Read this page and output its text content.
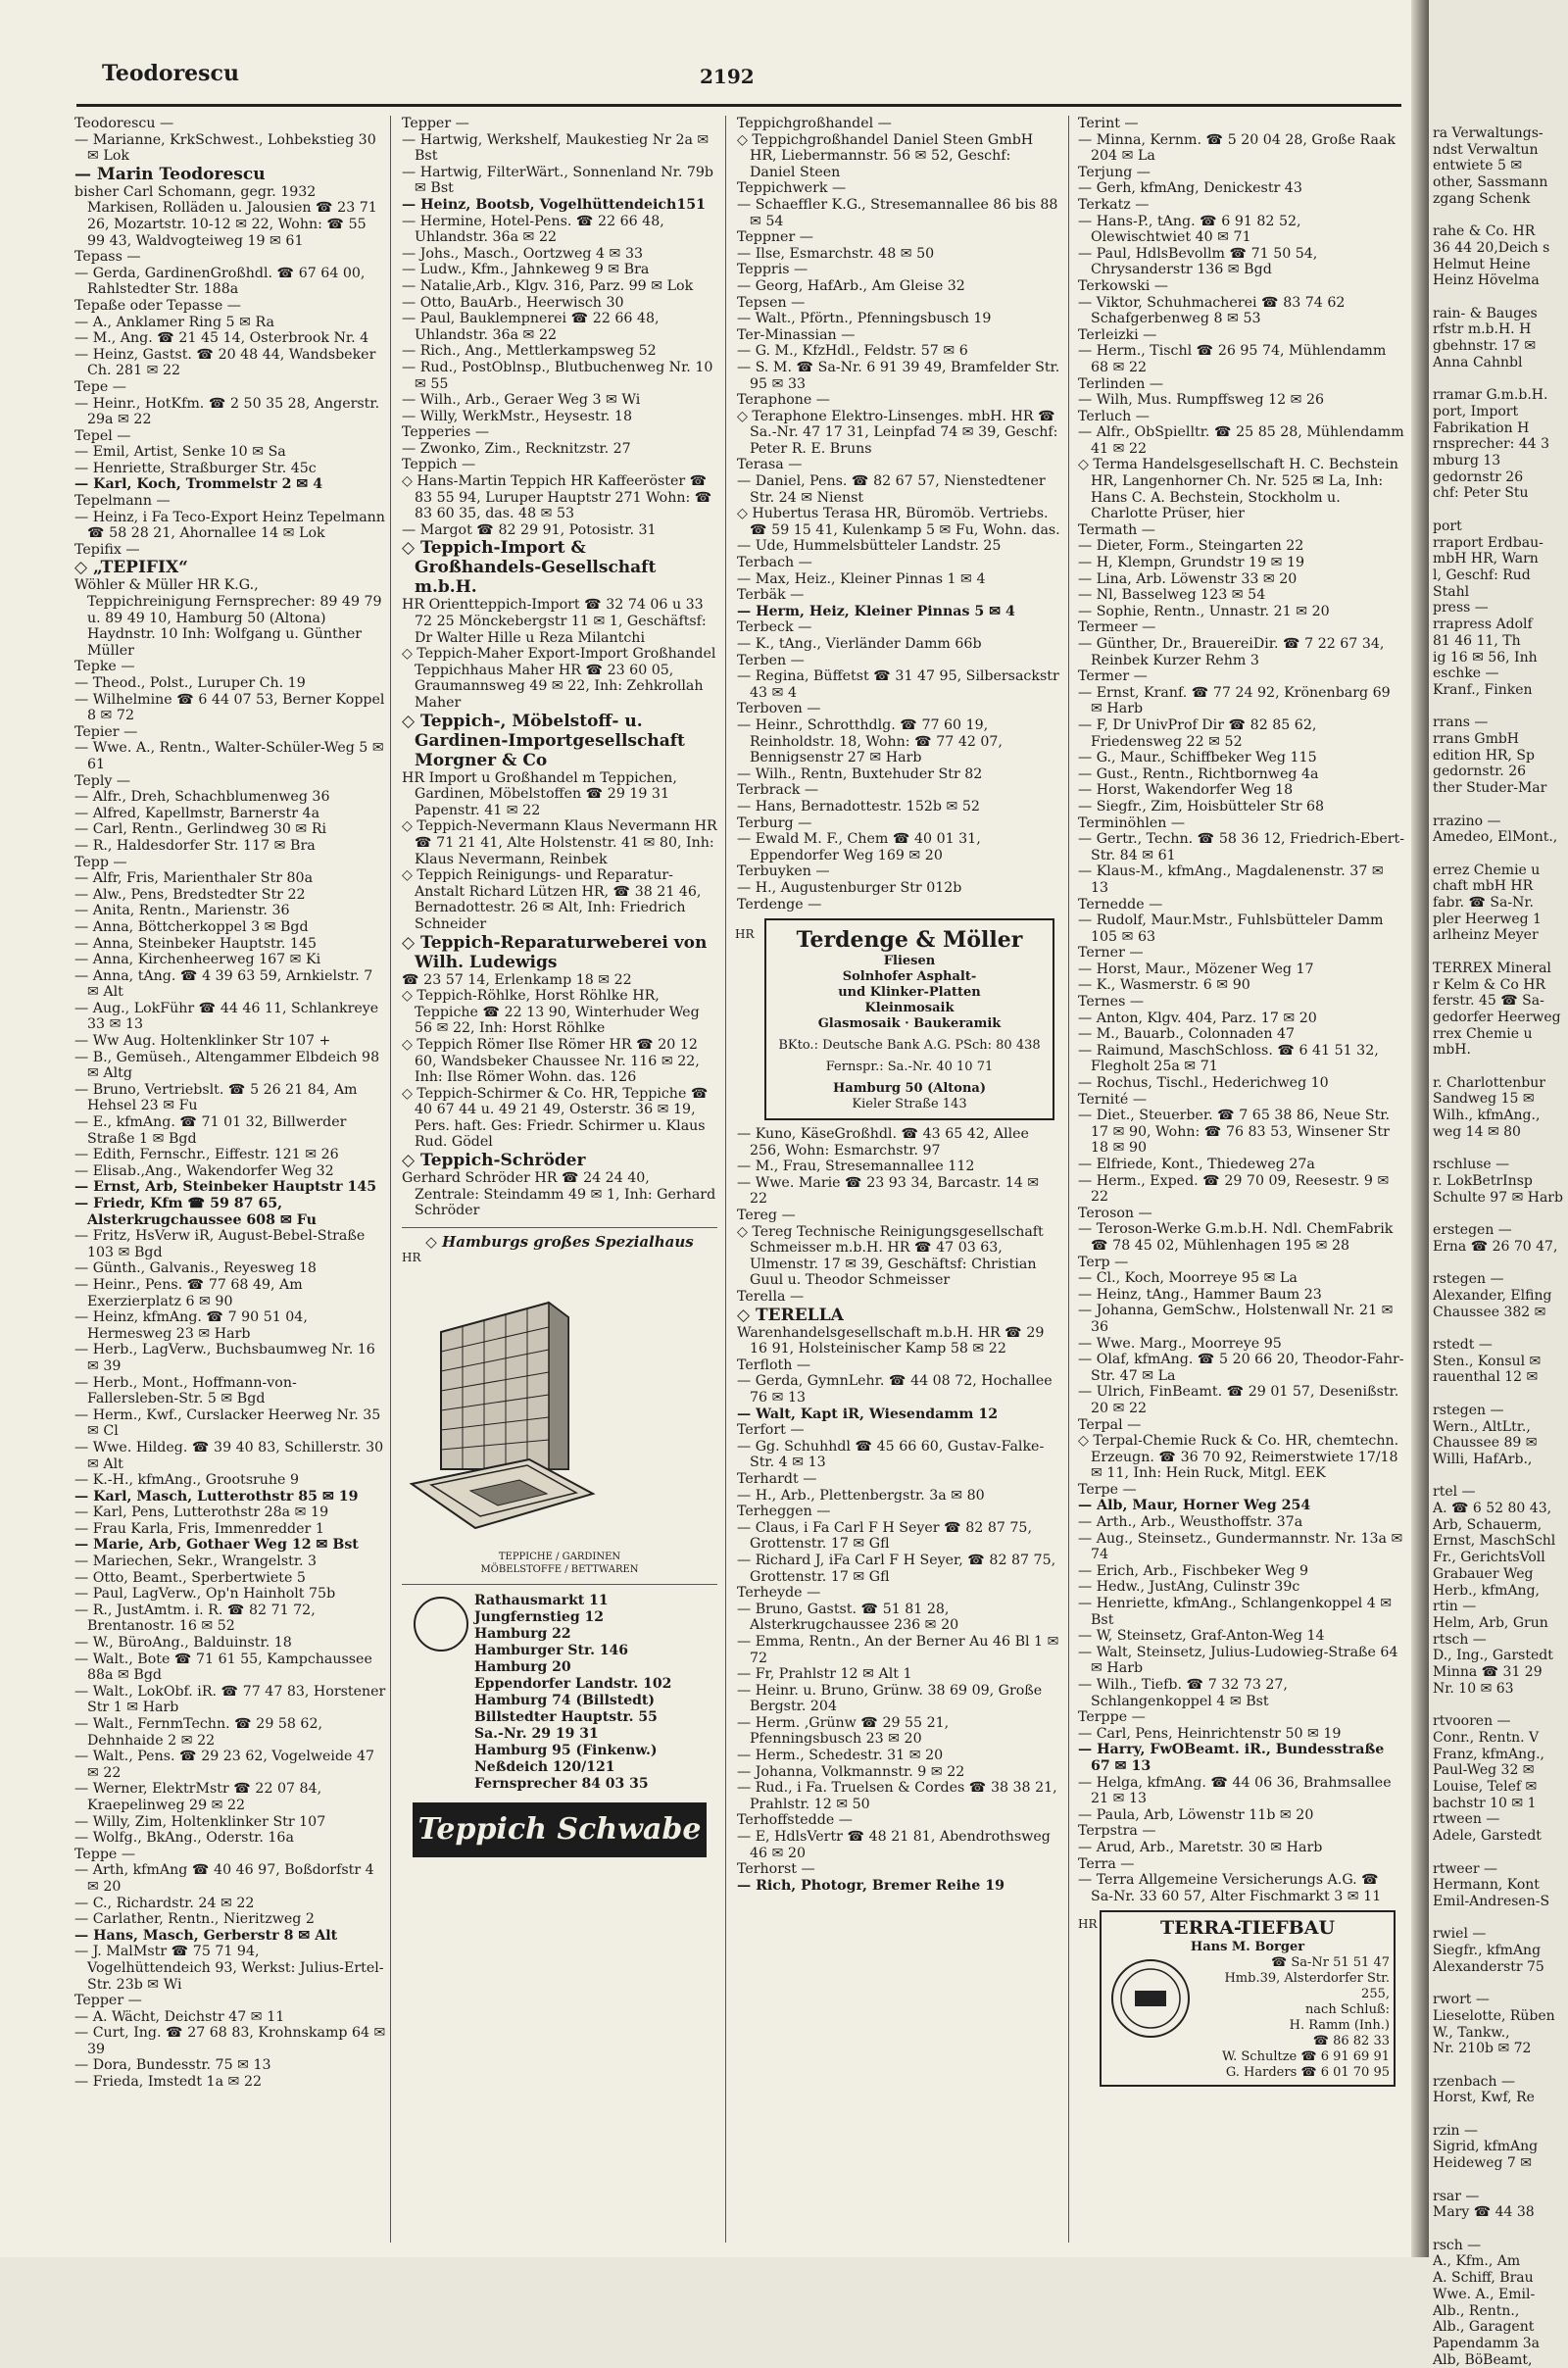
Teodorescu	2192

Teodorescu —

— Marianne, KrkSchwest., Lohbekstieg 30 ✉ Lok

— Marin Teodorescu

bisher Carl Schomann, gegr. 1932 Markisen, Rolläden u. Jalousien ☎ 23 71 26, Mozartstr. 10-12 ✉ 22, Wohn: ☎ 55 99 43, Waldvogteiweg 19 ✉ 61

Tepass —

— Gerda, GardinenGroßhdl. ☎ 67 64 00, Rahlstedter Str. 188a

Tepaße oder Tepasse —

— A., Anklamer Ring 5 ✉ Ra

— M., Ang. ☎ 21 45 14, Osterbrook Nr. 4

— Heinz, Gastst. ☎ 20 48 44, Wandsbeker Ch. 281 ✉ 22

Tepe —

— Heinr., HotKfm. ☎ 2 50 35 28, Angerstr. 29a ✉ 22

Tepel —

— Emil, Artist, Senke 10 ✉ Sa

— Henriette, Straßburger Str. 45c

— Karl, Koch, Trommelstr 2 ✉ 4

Tepelmann —

— Heinz, i Fa Teco-Export Heinz Tepelmann ☎ 58 28 21, Ahornallee 14 ✉ Lok

Tepifix —

◇ „TEPIFIX“

Wöhler & Müller HR K.G., Teppichreinigung Fernsprecher: 89 49 79 u. 89 49 10, Hamburg 50 (Altona) Haydnstr. 10 Inh: Wolfgang u. Günther Müller

Tepke —

— Theod., Polst., Luruper Ch. 19

— Wilhelmine ☎ 6 44 07 53, Berner Koppel 8 ✉ 72

Tepier —

— Wwe. A., Rentn., Walter-Schüler-Weg 5 ✉ 61

Teply —

— Alfr., Dreh, Schachblumenweg 36

— Alfred, Kapellmstr, Barnerstr 4a

— Carl, Rentn., Gerlindweg 30 ✉ Ri

— R., Haldesdorfer Str. 117 ✉ Bra

Tepp —

— Alfr, Fris, Marienthaler Str 80a

— Alw., Pens, Bredstedter Str 22

— Anita, Rentn., Marienstr. 36

— Anna, Böttcherkoppel 3 ✉ Bgd

— Anna, Steinbeker Hauptstr. 145

— Anna, Kirchenheerweg 167 ✉ Ki

— Anna, tAng. ☎ 4 39 63 59, Arnkielstr. 7 ✉ Alt

— Aug., LokFühr ☎ 44 46 11, Schlankreye 33 ✉ 13

— Ww Aug. Holtenklinker Str 107 +

— B., Gemüseh., Altengammer Elbdeich 98 ✉ Altg

— Bruno, Vertriebslt. ☎ 5 26 21 84, Am Hehsel 23 ✉ Fu

— E., kfmAng. ☎ 71 01 32, Billwerder Straße 1 ✉ Bgd

— Edith, Fernschr., Eiffestr. 121 ✉ 26

— Elisab.,Ang., Wakendorfer Weg 32

— Ernst, Arb, Steinbeker Hauptstr 145

— Friedr, Kfm ☎ 59 87 65, Alsterkrugchaussee 608 ✉ Fu

— Fritz, HsVerw iR, August-Bebel-Straße 103 ✉ Bgd

— Günth., Galvanis., Reyesweg 18

— Heinr., Pens. ☎ 77 68 49, Am Exerzierplatz 6 ✉ 90

— Heinz, kfmAng. ☎ 7 90 51 04, Hermesweg 23 ✉ Harb

— Herb., LagVerw., Buchsbaumweg Nr. 16 ✉ 39

— Herb., Mont., Hoffmann-von-Fallersleben-Str. 5 ✉ Bgd

— Herm., Kwf., Curslacker Heerweg Nr. 35 ✉ Cl

— Wwe. Hildeg. ☎ 39 40 83, Schillerstr. 30 ✉ Alt

— K.-H., kfmAng., Grootsruhe 9

— Karl, Masch, Lutterothstr 85 ✉ 19

— Karl, Pens, Lutterothstr 28a ✉ 19

— Frau Karla, Fris, Immenredder 1

— Marie, Arb, Gothaer Weg 12 ✉ Bst

— Mariechen, Sekr., Wrangelstr. 3

— Otto, Beamt., Sperbertwiete 5

— Paul, LagVerw., Op'n Hainholt 75b

— R., JustAmtm. i. R. ☎ 82 71 72, Brentanostr. 16 ✉ 52

— W., BüroAng., Balduinstr. 18

— Walt., Bote ☎ 71 61 55, Kampchaussee 88a ✉ Bgd

— Walt., LokObf. iR. ☎ 77 47 83, Horstener Str 1 ✉ Harb

— Walt., FernmTechn. ☎ 29 58 62, Dehnhaide 2 ✉ 22

— Walt., Pens. ☎ 29 23 62, Vogelweide 47 ✉ 22

— Werner, ElektrMstr ☎ 22 07 84, Kraepelinweg 29 ✉ 22

— Willy, Zim, Holtenklinker Str 107

— Wolfg., BkAng., Oderstr. 16a

Teppe —

— Arth, kfmAng ☎ 40 46 97, Boßdorfstr 4 ✉ 20

— C., Richardstr. 24 ✉ 22

— Carlather, Rentn., Nieritzweg 2

— Hans, Masch, Gerberstr 8 ✉ Alt

— J. MalMstr ☎ 75 71 94, Vogelhüttendeich 93, Werkst: Julius-Ertel-Str. 23b ✉ Wi

Tepper —

— A. Wächt, Deichstr 47 ✉ 11

— Curt, Ing. ☎ 27 68 83, Krohnskamp 64 ✉ 39

— Dora, Bundesstr. 75 ✉ 13

— Frieda, Imstedt 1a ✉ 22

Tepper —

— Hartwig, Werkshelf, Maukestieg Nr 2a ✉ Bst

— Hartwig, FilterWärt., Sonnenland Nr. 79b ✉ Bst

— Heinz, Bootsb, Vogelhüttendeich151

— Hermine, Hotel-Pens. ☎ 22 66 48, Uhlandstr. 36a ✉ 22

— Johs., Masch., Oortzweg 4 ✉ 33

— Ludw., Kfm., Jahnkeweg 9 ✉ Bra

— Natalie,Arb., Klgv. 316, Parz. 99 ✉ Lok

— Otto, BauArb., Heerwisch 30

— Paul, Bauklempnerei ☎ 22 66 48, Uhlandstr. 36a ✉ 22

— Rich., Ang., Mettlerkampsweg 52

— Rud., PostOblnsp., Blutbuchenweg Nr. 10 ✉ 55

— Wilh., Arb., Geraer Weg 3 ✉ Wi

— Willy, WerkMstr., Heysestr. 18

Tepperies —

— Zwonko, Zim., Recknitzstr. 27

Teppich —

◇ Hans-Martin Teppich HR Kaffeeröster ☎ 83 55 94, Luruper Hauptstr 271 Wohn: ☎ 83 60 35, das. 48 ✉ 53

— Margot ☎ 82 29 91, Potosistr. 31

◇ Teppich-Import & Großhandels-Gesellschaft m.b.H.

HR Orientteppich-Import ☎ 32 74 06 u 33 72 25 Mönckebergstr 11 ✉ 1, Geschäftsf: Dr Walter Hille u Reza Milantchi

◇ Teppich-Maher Export-Import Großhandel Teppichhaus Maher HR ☎ 23 60 05, Graumannsweg 49 ✉ 22, Inh: Zehkrollah Maher

◇ Teppich-, Möbelstoff- u. Gardinen-Importgesellschaft Morgner & Co

HR Import u Großhandel m Teppichen, Gardinen, Möbelstoffen ☎ 29 19 31 Papenstr. 41 ✉ 22

◇ Teppich-Nevermann Klaus Nevermann HR ☎ 71 21 41, Alte Holstenstr. 41 ✉ 80, Inh: Klaus Nevermann, Reinbek

◇ Teppich Reinigungs- und Reparatur-Anstalt Richard Lützen HR, ☎ 38 21 46, Bernadottestr. 26 ✉ Alt, Inh: Friedrich Schneider

◇ Teppich-Reparaturweberei von Wilh. Ludewigs

☎ 23 57 14, Erlenkamp 18 ✉ 22

◇ Teppich-Röhlke, Horst Röhlke HR, Teppiche ☎ 22 13 90, Winterhuder Weg 56 ✉ 22, Inh: Horst Röhlke

◇ Teppich Römer Ilse Römer HR ☎ 20 12 60, Wandsbeker Chaussee Nr. 116 ✉ 22, Inh: Ilse Römer Wohn. das. 126

◇ Teppich-Schirmer & Co. HR, Teppiche ☎ 40 67 44 u. 49 21 49, Osterstr. 36 ✉ 19, Pers. haft. Ges: Friedr. Schirmer u. Klaus Rud. Gödel

◇ Teppich-Schröder

Gerhard Schröder HR ☎ 24 24 40, Zentrale: Steindamm 49 ✉ 1, Inh: Gerhard Schröder

◇ Hamburgs großes Spezialhaus
HR
TEPPICHE / GARDINEN
MÖBELSTOFFE / BETTWAREN
Rathausmarkt 11
Jungfernstieg 12
Hamburg 22
Hamburger Str. 146
Hamburg 20
Eppendorfer Landstr. 102
Hamburg 74 (Billstedt)
Billstedter Hauptstr. 55
Sa.-Nr. 29 19 31
Hamburg 95 (Finkenw.)
Neßdeich 120/121
Fernsprecher 84 03 35
Teppich Schwabe

Teppichgroßhandel —

◇ Teppichgroßhandel Daniel Steen GmbH HR, Liebermannstr. 56 ✉ 52, Geschf: Daniel Steen

Teppichwerk —

— Schaeffler K.G., Stresemannallee 86 bis 88 ✉ 54

Teppner —

— Ilse, Esmarchstr. 48 ✉ 50

Teppris —

— Georg, HafArb., Am Gleise 32

Tepsen —

— Walt., Pförtn., Pfenningsbusch 19

Ter-Minassian —

— G. M., KfzHdl., Feldstr. 57 ✉ 6

— S. M. ☎ Sa-Nr. 6 91 39 49, Bramfelder Str. 95 ✉ 33

Teraphone —

◇ Teraphone Elektro-Linsenges. mbH. HR ☎ Sa.-Nr. 47 17 31, Leinpfad 74 ✉ 39, Geschf: Peter R. E. Bruns

Terasa —

— Daniel, Pens. ☎ 82 67 57, Nienstedtener Str. 24 ✉ Nienst

◇ Hubertus Terasa HR, Büromöb. Vertriebs. ☎ 59 15 41, Kulenkamp 5 ✉ Fu, Wohn. das.

— Ude, Hummelsbütteler Landstr. 25

Terbach —

— Max, Heiz., Kleiner Pinnas 1 ✉ 4

Terbäk —

— Herm, Heiz, Kleiner Pinnas 5 ✉ 4

Terbeck —

— K., tAng., Vierländer Damm 66b

Terben —

— Regina, Büffetst ☎ 31 47 95, Silbersackstr 43 ✉ 4

Terboven —

— Heinr., Schrotthdlg. ☎ 77 60 19, Reinholdstr. 18, Wohn: ☎ 77 42 07, Bennigsenstr 27 ✉ Harb

— Wilh., Rentn, Buxtehuder Str 82

Terbrack —

— Hans, Bernadottestr. 152b ✉ 52

Terburg —

— Ewald M. F., Chem ☎ 40 01 31, Eppendorfer Weg 169 ✉ 20

Terbuyken —

— H., Augustenburger Str 012b

Terdenge —

HR	Terdenge & Möller
Fliesen
Solnhofer Asphalt-
und Klinker-Platten
Kleinmosaik
Glasmosaik · Baukeramik
BKto.: Deutsche Bank A.G. PSch: 80 438
Fernspr.: Sa.-Nr. 40 10 71
Hamburg 50 (Altona)
Kieler Straße 143

— Kuno, KäseGroßhdl. ☎ 43 65 42, Allee 256, Wohn: Esmarchstr. 97

— M., Frau, Stresemannallee 112

— Wwe. Marie ☎ 23 93 34, Barcastr. 14 ✉ 22

Tereg —

◇ Tereg Technische Reinigungsgesellschaft Schmeisser m.b.H. HR ☎ 47 03 63, Ulmenstr. 17 ✉ 39, Geschäftsf: Christian Guul u. Theodor Schmeisser

Terella —

◇ TERELLA

Warenhandelsgesellschaft m.b.H. HR ☎ 29 16 91, Holsteinischer Kamp 58 ✉ 22

Terfloth —

— Gerda, GymnLehr. ☎ 44 08 72, Hochallee 76 ✉ 13

— Walt, Kapt iR, Wiesendamm 12

Terfort —

— Gg. Schuhhdl ☎ 45 66 60, Gustav-Falke-Str. 4 ✉ 13

Terhardt —

— H., Arb., Plettenbergstr. 3a ✉ 80

Terheggen —

— Claus, i Fa Carl F H Seyer ☎ 82 87 75, Grottenstr. 17 ✉ Gfl

— Richard J, iFa Carl F H Seyer, ☎ 82 87 75, Grottenstr. 17 ✉ Gfl

Terheyde —

— Bruno, Gastst. ☎ 51 81 28, Alsterkrugchaussee 236 ✉ 20

— Emma, Rentn., An der Berner Au 46 Bl 1 ✉ 72

— Fr, Prahlstr 12 ✉ Alt 1

— Heinr. u. Bruno, Grünw. 38 69 09, Große Bergstr. 204

— Herm. ‚Grünw ☎ 29 55 21, Pfenningsbusch 23 ✉ 20

— Herm., Schedestr. 31 ✉ 20

— Johanna, Volkmannstr. 9 ✉ 22

— Rud., i Fa. Truelsen & Cordes ☎ 38 38 21, Prahlstr. 12 ✉ 50

Terhoffstedde —

— E, HdlsVertr ☎ 48 21 81, Abendrothsweg 46 ✉ 20

Terhorst —

— Rich, Photogr, Bremer Reihe 19

Terint —

— Minna, Kernm. ☎ 5 20 04 28, Große Raak 204 ✉ La

Terjung —

— Gerh, kfmAng, Denickestr 43

Terkatz —

— Hans-P., tAng. ☎ 6 91 82 52, Olewischtwiet 40 ✉ 71

— Paul, HdlsBevollm ☎ 71 50 54, Chrysanderstr 136 ✉ Bgd

Terkowski —

— Viktor, Schuhmacherei ☎ 83 74 62 Schafgerbenweg 8 ✉ 53

Terleizki —

— Herm., Tischl ☎ 26 95 74, Mühlendamm 68 ✉ 22

Terlinden —

— Wilh, Mus. Rumpffsweg 12 ✉ 26

Terluch —

— Alfr., ObSpielltr. ☎ 25 85 28, Mühlendamm 41 ✉ 22

◇ Terma Handelsgesellschaft H. C. Bechstein HR, Langenhorner Ch. Nr. 525 ✉ La, Inh: Hans C. A. Bechstein, Stockholm u. Charlotte Prüser, hier

Termath —

— Dieter, Form., Steingarten 22

— H, Klempn, Grundstr 19 ✉ 19

— Lina, Arb. Löwenstr 33 ✉ 20

— Nl, Basselweg 123 ✉ 54

— Sophie, Rentn., Unnastr. 21 ✉ 20

Termeer —

— Günther, Dr., BrauereiDir. ☎ 7 22 67 34, Reinbek Kurzer Rehm 3

Termer —

— Ernst, Kranf. ☎ 77 24 92, Krönenbarg 69 ✉ Harb

— F, Dr UnivProf Dir ☎ 82 85 62, Friedensweg 22 ✉ 52

— G., Maur., Schiffbeker Weg 115

— Gust., Rentn., Richtbornweg 4a

— Horst, Wakendorfer Weg 18

— Siegfr., Zim, Hoisbütteler Str 68

Terminöhlen —

— Gertr., Techn. ☎ 58 36 12, Friedrich-Ebert-Str. 84 ✉ 61

— Klaus-M., kfmAng., Magdalenenstr. 37 ✉ 13

Ternedde —

— Rudolf, Maur.Mstr., Fuhlsbütteler Damm 105 ✉ 63

Terner —

— Horst, Maur., Mözener Weg 17

— K., Wasmerstr. 6 ✉ 90

Ternes —

— Anton, Klgv. 404, Parz. 17 ✉ 20

— M., Bauarb., Colonnaden 47

— Raimund, MaschSchloss. ☎ 6 41 51 32, Flegholt 25a ✉ 71

— Rochus, Tischl., Hederichweg 10

Ternité —

— Diet., Steuerber. ☎ 7 65 38 86, Neue Str. 17 ✉ 90, Wohn: ☎ 76 83 53, Winsener Str 18 ✉ 90

— Elfriede, Kont., Thiedeweg 27a

— Herm., Exped. ☎ 29 70 09, Reesestr. 9 ✉ 22

Teroson —

— Teroson-Werke G.m.b.H. Ndl. ChemFabrik ☎ 78 45 02, Mühlenhagen 195 ✉ 28

Terp —

— Cl., Koch, Moorreye 95 ✉ La

— Heinz, tAng., Hammer Baum 23

— Johanna, GemSchw., Holstenwall Nr. 21 ✉ 36

— Wwe. Marg., Moorreye 95

— Olaf, kfmAng. ☎ 5 20 66 20, Theodor-Fahr-Str. 47 ✉ La

— Ulrich, FinBeamt. ☎ 29 01 57, Desenißstr. 20 ✉ 22

Terpal —

◇ Terpal-Chemie Ruck & Co. HR, chemtechn. Erzeugn. ☎ 36 70 92, Reimerstwiete 17/18 ✉ 11, Inh: Hein Ruck, Mitgl. EEK

Terpe —

— Alb, Maur, Horner Weg 254

— Arth., Arb., Weusthoffstr. 37a

— Aug., Steinsetz., Gundermannstr. Nr. 13a ✉ 74

— Erich, Arb., Fischbeker Weg 9

— Hedw., JustAng, Culinstr 39c

— Henriette, kfmAng., Schlangenkoppel 4 ✉ Bst

— W, Steinsetz, Graf-Anton-Weg 14

— Walt, Steinsetz, Julius-Ludowieg-Straße 64 ✉ Harb

— Wilh., Tiefb. ☎ 7 32 73 27, Schlangenkoppel 4 ✉ Bst

Terppe —

— Carl, Pens, Heinrichtenstr 50 ✉ 19

— Harry, FwOBeamt. iR., Bundesstraße 67 ✉ 13

— Helga, kfmAng. ☎ 44 06 36, Brahmsallee 21 ✉ 13

— Paula, Arb, Löwenstr 11b ✉ 20

Terpstra —

— Arud, Arb., Maretstr. 30 ✉ Harb

Terra —

— Terra Allgemeine Versicherungs A.G. ☎ Sa-Nr. 33 60 57, Alter Fischmarkt 3 ✉ 11

HR	TERRA-TIEFBAU
Hans M. Borger
☎ Sa-Nr 51 51 47
Hmb.39, Alsterdorfer Str. 255,
nach Schluß:
H. Ramm (Inh.)
☎ 86 82 33
W. Schultze ☎ 6 91 69 91
G. Harders ☎ 6 01 70 95
ra Verwaltungs-
ndst Verwaltun
entwiete 5 ✉
other, Sassmann
zgang Schenk

rahe & Co. HR
36 44 20,Deich s
Helmut Heine
Heinz Hövelma

rain- & Bauges
rfstr m.b.H. H
gbehnstr. 17 ✉
Anna Cahnbl

rramar G.m.b.H.
port, Import
Fabrikation H
rnsprecher: 44 3
mburg 13
gedornstr 26
chf: Peter Stu

port
rraport Erdbau-
mbH HR, Warn
l, Geschf: Rud
Stahl
press —
rrapress Adolf
81 46 11, Th
ig 16 ✉ 56, Inh
eschke —
Kranf., Finken

rrans —
rrans GmbH
edition HR, Sp
gedornstr. 26
ther Studer-Mar

rrazino —
Amedeo, ElMont.,

errez Chemie u
chaft mbH HR
fabr. ☎ Sa-Nr.
pler Heerweg 1
arlheinz Meyer

TERREX Mineral
r Kelm & Co HR
ferstr. 45 ☎ Sa-
gedorfer Heerweg
rrex Chemie u
mbH.

r. Charlottenbur
Sandweg 15 ✉
Wilh., kfmAng.,
weg 14 ✉ 80

rschluse —
r. LokBetrInsp
Schulte 97 ✉ Harb

erstegen —
Erna ☎ 26 70 47,

rstegen —
Alexander, Elfing
Chaussee 382 ✉

rstedt —
Sten., Konsul ✉
rauenthal 12 ✉

rstegen —
Wern., AltLtr.,
Chaussee 89 ✉
Willi, HafArb.,

rtel —
A. ☎ 6 52 80 43,
Arb, Schauerm,
Ernst, MaschSchl
Fr., GerichtsVoll
Grabauer Weg
Herb., kfmAng,
rtin —
Helm, Arb, Grun
rtsch —
D., Ing., Garstedt
Minna ☎ 31 29
Nr. 10 ✉ 63

rtvooren —
Conr., Rentn. V
Franz, kfmAng.,
Paul-Weg 32 ✉
Louise, Telef ✉
bachstr 10 ✉ 1
rtween —
Adele, Garstedt

rtweer —
Hermann, Kont
Emil-Andresen-S

rwiel —
Siegfr., kfmAng
Alexanderstr 75

rwort —
Lieselotte, Rüben
W., Tankw.,
Nr. 210b ✉ 72

rzenbach —
Horst, Kwf, Re

rzin —
Sigrid, kfmAng
Heideweg 7 ✉

rsar —
Mary ☎ 44 38

rsch —
A., Kfm., Am
A. Schiff, Brau
Wwe. A., Emil-
Alb., Rentn.,
Alb., Garagent
Papendamm 3a
Alb, BöBeamt,
